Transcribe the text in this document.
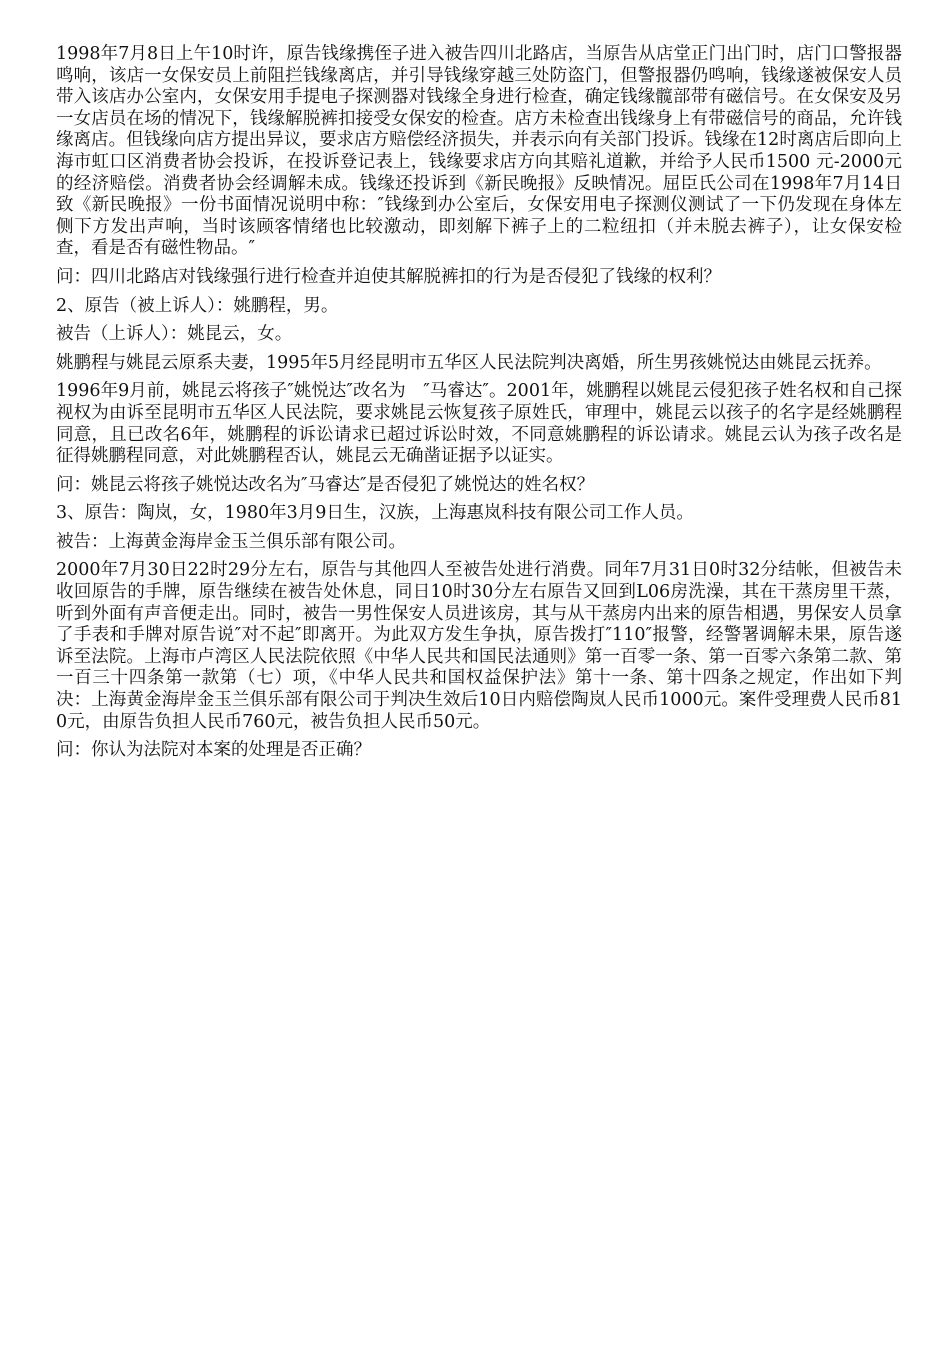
1998年7月8日上午10时许，原告钱缘携侄子进入被告四川北路店，当原告从店堂正门出门时，店门口警报器鸣响，该店一女保安员上前阻拦钱缘离店，并引导钱缘穿越三处防盗门，但警报器仍鸣响，钱缘遂被保安人员带入该店办公室内，女保安用手提电子探测器对钱缘全身进行检查，确定钱缘髋部带有磁信号。在女保安及另一女店员在场的情况下，钱缘解脱裤扣接受女保安的检查。店方未检查出钱缘身上有带磁信号的商品，允许钱缘离店。但钱缘向店方提出异议，要求店方赔偿经济损失，并表示向有关部门投诉。钱缘在12时离店后即向上海市虹口区消费者协会投诉，在投诉登记表上，钱缘要求店方向其赔礼道歉，并给予人民币1500 元-2000元的经济赔偿。消费者协会经调解未成。钱缘还投诉到《新民晚报》反映情况。屈臣氏公司在1998年7月14日致《新民晚报》一份书面情况说明中称：″钱缘到办公室后，女保安用电子探测仪测试了一下仍发现在身体左侧下方发出声响，当时该顾客情绪也比较激动，即刻解下裤子上的二粒纽扣（并未脱去裤子），让女保安检查，看是否有磁性物品。″

问：四川北路店对钱缘强行进行检查并迫使其解脱裤扣的行为是否侵犯了钱缘的权利？

2、原告（被上诉人）：姚鹏程，男。

被告（上诉人）：姚昆云，女。

姚鹏程与姚昆云原系夫妻，1995年5月经昆明市五华区人民法院判决离婚，所生男孩姚悦达由姚昆云抚养。

1996年9月前，姚昆云将孩子″姚悦达″改名为　″马睿达″。2001年，姚鹏程以姚昆云侵犯孩子姓名权和自己探视权为由诉至昆明市五华区人民法院，要求姚昆云恢复孩子原姓氏，审理中，姚昆云以孩子的名字是经姚鹏程同意，且已改名6年，姚鹏程的诉讼请求已超过诉讼时效，不同意姚鹏程的诉讼请求。姚昆云认为孩子改名是征得姚鹏程同意，对此姚鹏程否认，姚昆云无确凿证据予以证实。

问：姚昆云将孩子姚悦达改名为″马睿达″是否侵犯了姚悦达的姓名权？

3、原告：陶岚，女，1980年3月9日生，汉族，上海惠岚科技有限公司工作人员。

被告：上海黄金海岸金玉兰俱乐部有限公司。

2000年7月30日22时29分左右，原告与其他四人至被告处进行消费。同年7月31日0时32分结帐，但被告未收回原告的手牌，原告继续在被告处休息，同日10时30分左右原告又回到L06房洗澡，其在干蒸房里干蒸，听到外面有声音便走出。同时，被告一男性保安人员进该房，其与从干蒸房内出来的原告相遇，男保安人员拿了手表和手牌对原告说″对不起″即离开。为此双方发生争执，原告拨打″110″报警，经警署调解未果，原告遂诉至法院。上海市卢湾区人民法院依照《中华人民共和国民法通则》第一百零一条、第一百零六条第二款、第一百三十四条第一款第（七）项，《中华人民共和国权益保护法》第十一条、第十四条之规定，作出如下判决：上海黄金海岸金玉兰俱乐部有限公司于判决生效后10日内赔偿陶岚人民币1000元。案件受理费人民币810元，由原告负担人民币760元，被告负担人民币50元。

问：你认为法院对本案的处理是否正确？
